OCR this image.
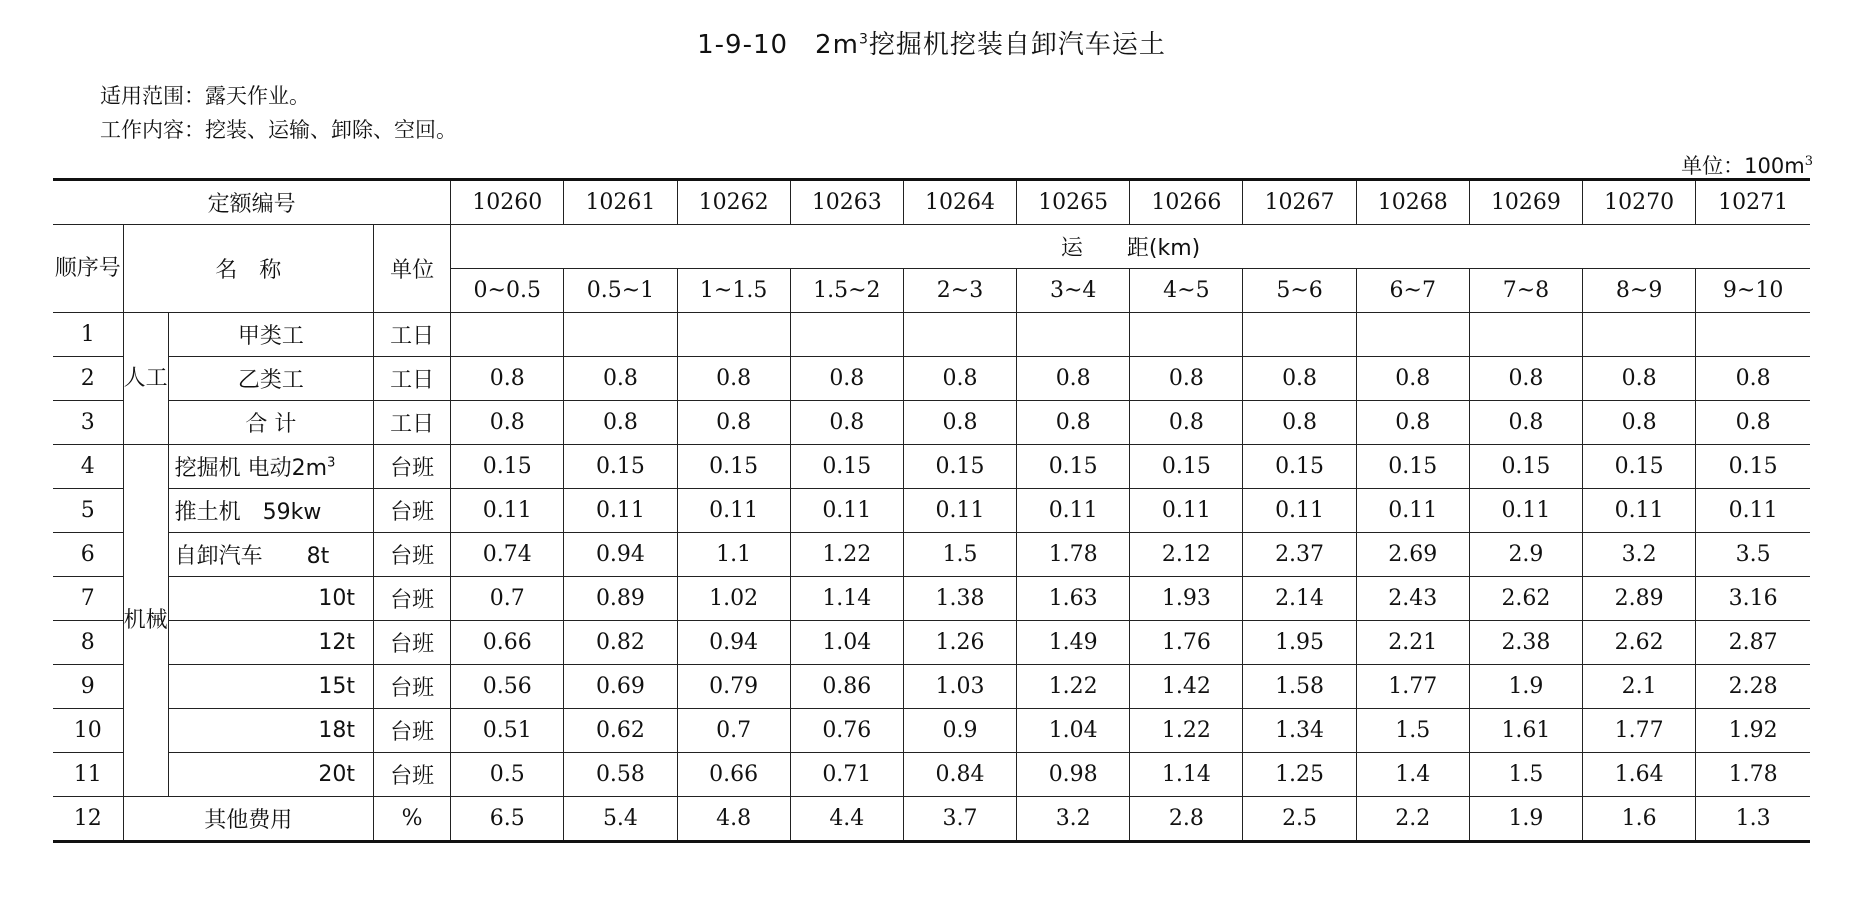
1-9-10　$2m^3$挖掘机挖装自卸汽车运土
适用范围：露天作业。
工作内容：挖装、运输、卸除、空回。
单位：$100m^3$
定额编号				10260	10261	10262	10263	10264	10265	10266	10267	10268	10269	10270	10271
顺序号	名　称		单位	运　　距(km)											
				0~0.5	0.5~1	1~1.5	1.5~2	2~3	3~4	4~5	5~6	6~7	7~8	8~9	9~10
1	人工	甲类工	工日												
2		乙类工	工日	0.8	0.8	0.8	0.8	0.8	0.8	0.8	0.8	0.8	0.8	0.8	0.8
3		合 计	工日	0.8	0.8	0.8	0.8	0.8	0.8	0.8	0.8	0.8	0.8	0.8	0.8
4	机械	挖掘机 电动$2m^3$	台班	0.15	0.15	0.15	0.15	0.15	0.15	0.15	0.15	0.15	0.15	0.15	0.15
5		推土机　59kw	台班	0.11	0.11	0.11	0.11	0.11	0.11	0.11	0.11	0.11	0.11	0.11	0.11
6		自卸汽车　　8t	台班	0.74	0.94	1.1	1.22	1.5	1.78	2.12	2.37	2.69	2.9	3.2	3.5
7		10t	台班	0.7	0.89	1.02	1.14	1.38	1.63	1.93	2.14	2.43	2.62	2.89	3.16
8		12t	台班	0.66	0.82	0.94	1.04	1.26	1.49	1.76	1.95	2.21	2.38	2.62	2.87
9		15t	台班	0.56	0.69	0.79	0.86	1.03	1.22	1.42	1.58	1.77	1.9	2.1	2.28
10		18t	台班	0.51	0.62	0.7	0.76	0.9	1.04	1.22	1.34	1.5	1.61	1.77	1.92
11		20t	台班	0.5	0.58	0.66	0.71	0.84	0.98	1.14	1.25	1.4	1.5	1.64	1.78
12	其他费用		%	6.5	5.4	4.8	4.4	3.7	3.2	2.8	2.5	2.2	1.9	1.6	1.3
